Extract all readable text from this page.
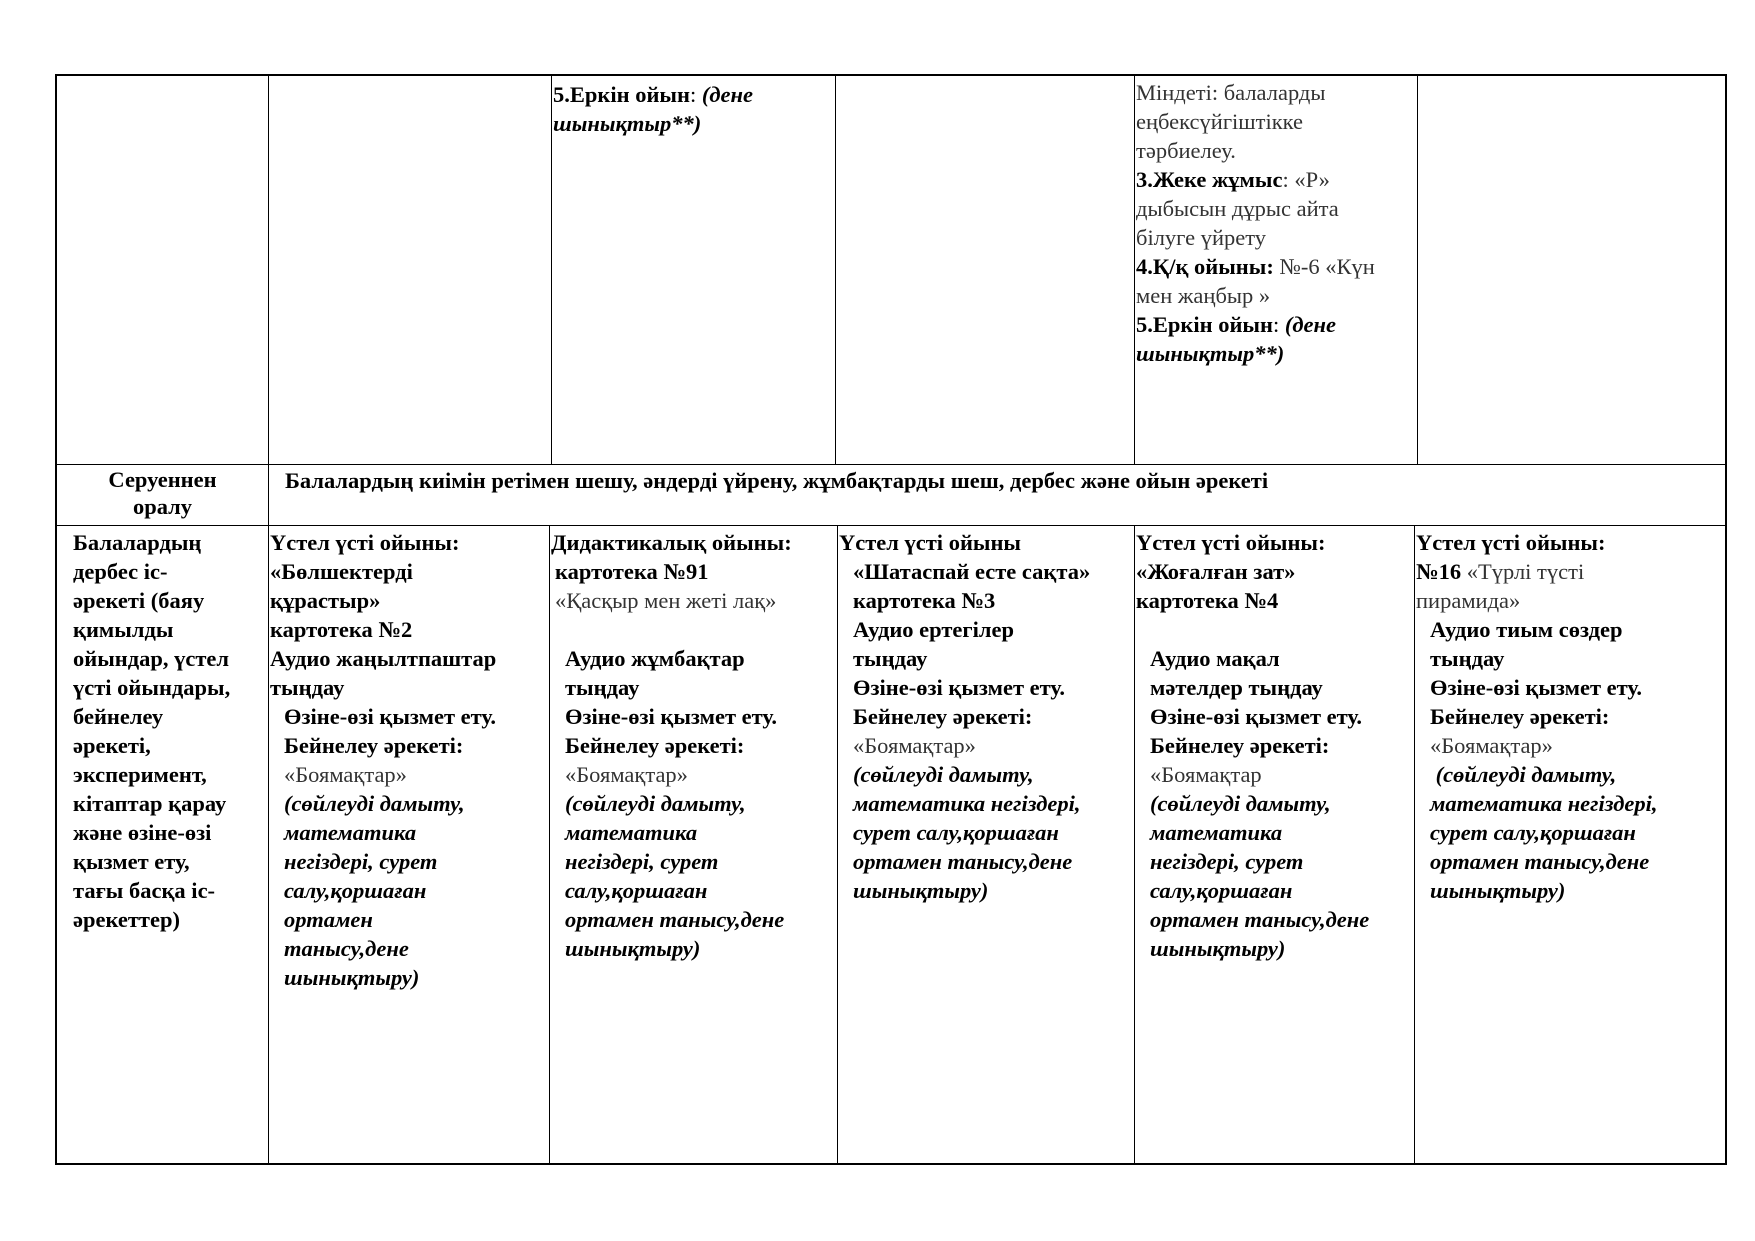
5.Еркін ойын: (дене шынықтыр**)
Міндеті: балаларды
еңбексүйгіштікке
тәрбиелеу.
3.Жеке жұмыс: «Р»
дыбысын дұрыс айта
білуге үйрету
4.Қ/қ ойыны: №-6 «Күн
мен жаңбыр »
5.Еркін ойын: (дене
шынықтыр**)
Серуеннен
оралу
Балалардың киімін ретімен шешу, әндерді үйрену, жұмбақтарды шеш, дербес және ойын әрекеті
Балалардың
дербес іс-
әрекеті (баяу
қимылды
ойындар, үстел
үсті ойындары,
бейнелеу
әрекеті,
эксперимент,
кітаптар қарау
және өзіне-өзі
қызмет ету,
тағы басқа іс-
әрекеттер)
Үстел үсті ойыны:
«Бөлшектерді
құрастыр»
картотека №2
Аудио жаңылтпаштар
тыңдау
Өзіне-өзі қызмет ету.
Бейнелеу әрекеті:
«Боямақтар»
(сөйлеуді дамыту,
математика
негіздері, сурет
салу,қоршаған
ортамен
танысу,дене
шынықтыру)
Дидактикалық ойыны:
картотека №91
«Қасқыр мен жеті лақ»
Аудио жұмбақтар
тыңдау
Өзіне-өзі қызмет ету.
Бейнелеу әрекеті:
«Боямақтар»
(сөйлеуді дамыту,
математика
негіздері, сурет
салу,қоршаған
ортамен танысу,дене
шынықтыру)
Үстел үсті ойыны
«Шатаспай есте сақта»
картотека №3
Аудио ертегілер
тыңдау
Өзіне-өзі қызмет ету.
Бейнелеу әрекеті:
«Боямақтар»
(сөйлеуді дамыту,
математика негіздері,
сурет салу,қоршаған
ортамен танысу,дене
шынықтыру)
Үстел үсті ойыны:
«Жоғалған зат»
картотека №4
Аудио мақал
мәтелдер тыңдау
Өзіне-өзі қызмет ету.
Бейнелеу әрекеті:
«Боямақтар
(сөйлеуді дамыту,
математика
негіздері, сурет
салу,қоршаған
ортамен танысу,дене
шынықтыру)
Үстел үсті ойыны:
№16 «Түрлі түсті
пирамида»
Аудио тиым сөздер
тыңдау
Өзіне-өзі қызмет ету.
Бейнелеу әрекеті:
«Боямақтар»
(сөйлеуді дамыту,
математика негіздері,
сурет салу,қоршаған
ортамен танысу,дене
шынықтыру)
